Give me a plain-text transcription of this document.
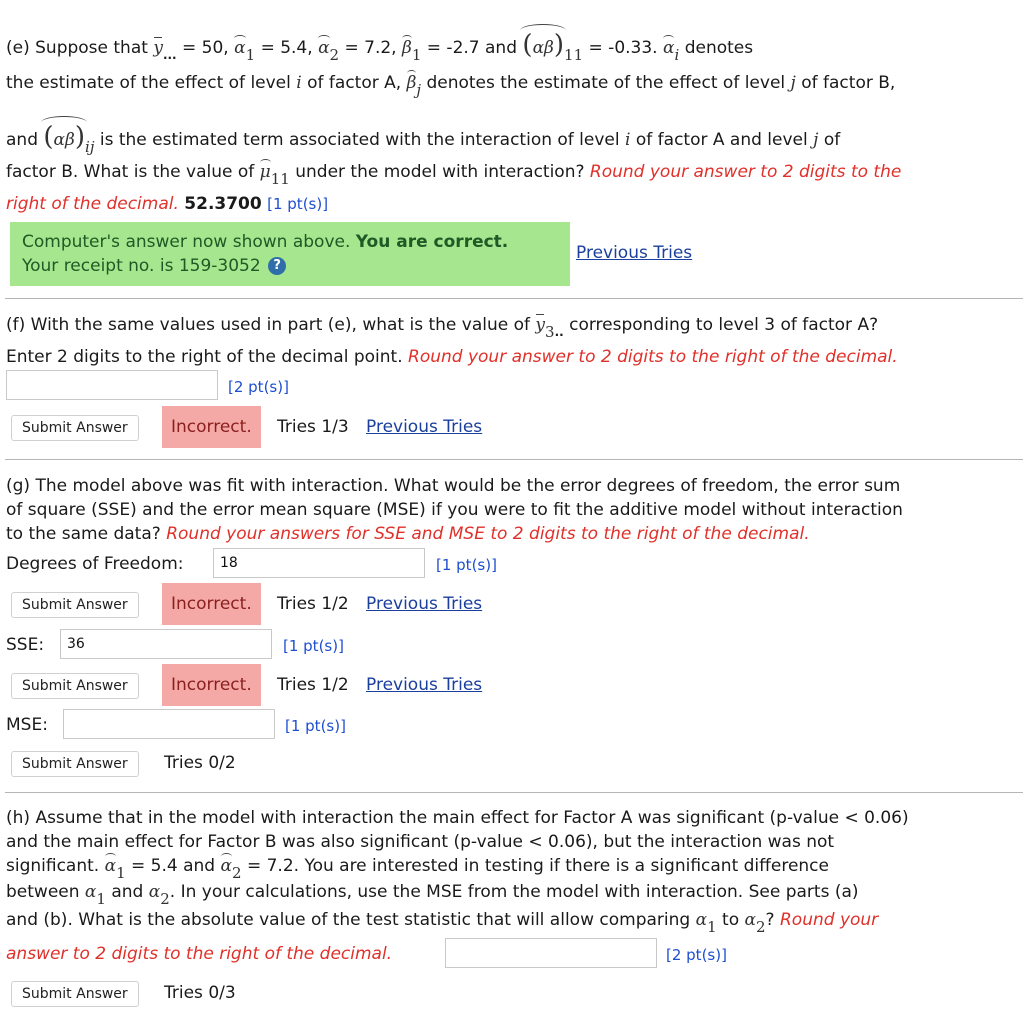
(e) Suppose that $y_{...} = 50$, α1 = 5.4, α2 = 7.2, β1 = -2.7 and (αβ)11 = -0.33. αi denotes
the estimate of the effect of level i of factor A, βj denotes the estimate of the effect of level j of factor B,
and (αβ)ij is the estimated term associated with the interaction of level i of factor A and level j of
factor B. What is the value of μ11 under the model with interaction? Round your answer to 2 digits to the
right of the decimal. 52.3700 [1 pt(s)]
Computer's answer now shown above. You are correct.
Your receipt no. is 159-3052 ?
Previous Tries
(f) With the same values used in part (e), what is the value of $y3_{..}$ corresponding to level 3 of factor A?
Enter 2 digits to the right of the decimal point. Round your answer to 2 digits to the right of the decimal.
[2 pt(s)]
Submit Answer	Incorrect.	Tries 1/3 Previous Tries
(g) The model above was fit with interaction. What would be the error degrees of freedom, the error sum
of square (SSE) and the error mean square (MSE) if you were to fit the additive model without interaction
to the same data? Round your answers for SSE and MSE to 2 digits to the right of the decimal.
Degrees of Freedom:
18	[1 pt(s)]
Submit Answer	Incorrect.	Tries 1/2 Previous Tries
SSE:
36	[1 pt(s)]
Submit Answer	Incorrect.	Tries 1/2 Previous Tries
MSE:	[1 pt(s)]
Submit Answer	Tries 0/2
(h) Assume that in the model with interaction the main effect for Factor A was significant (p-value < 0.06)
and the main effect for Factor B was also significant (p-value < 0.06), but the interaction was not
significant. α1 = 5.4 and α2 = 7.2. You are interested in testing if there is a significant difference
between α1 and α2. In your calculations, use the MSE from the model with interaction. See parts (a)
and (b). What is the absolute value of the test statistic that will allow comparing α1 to α2? Round your
answer to 2 digits to the right of the decimal.	[2 pt(s)]
Submit Answer	Tries 0/3
